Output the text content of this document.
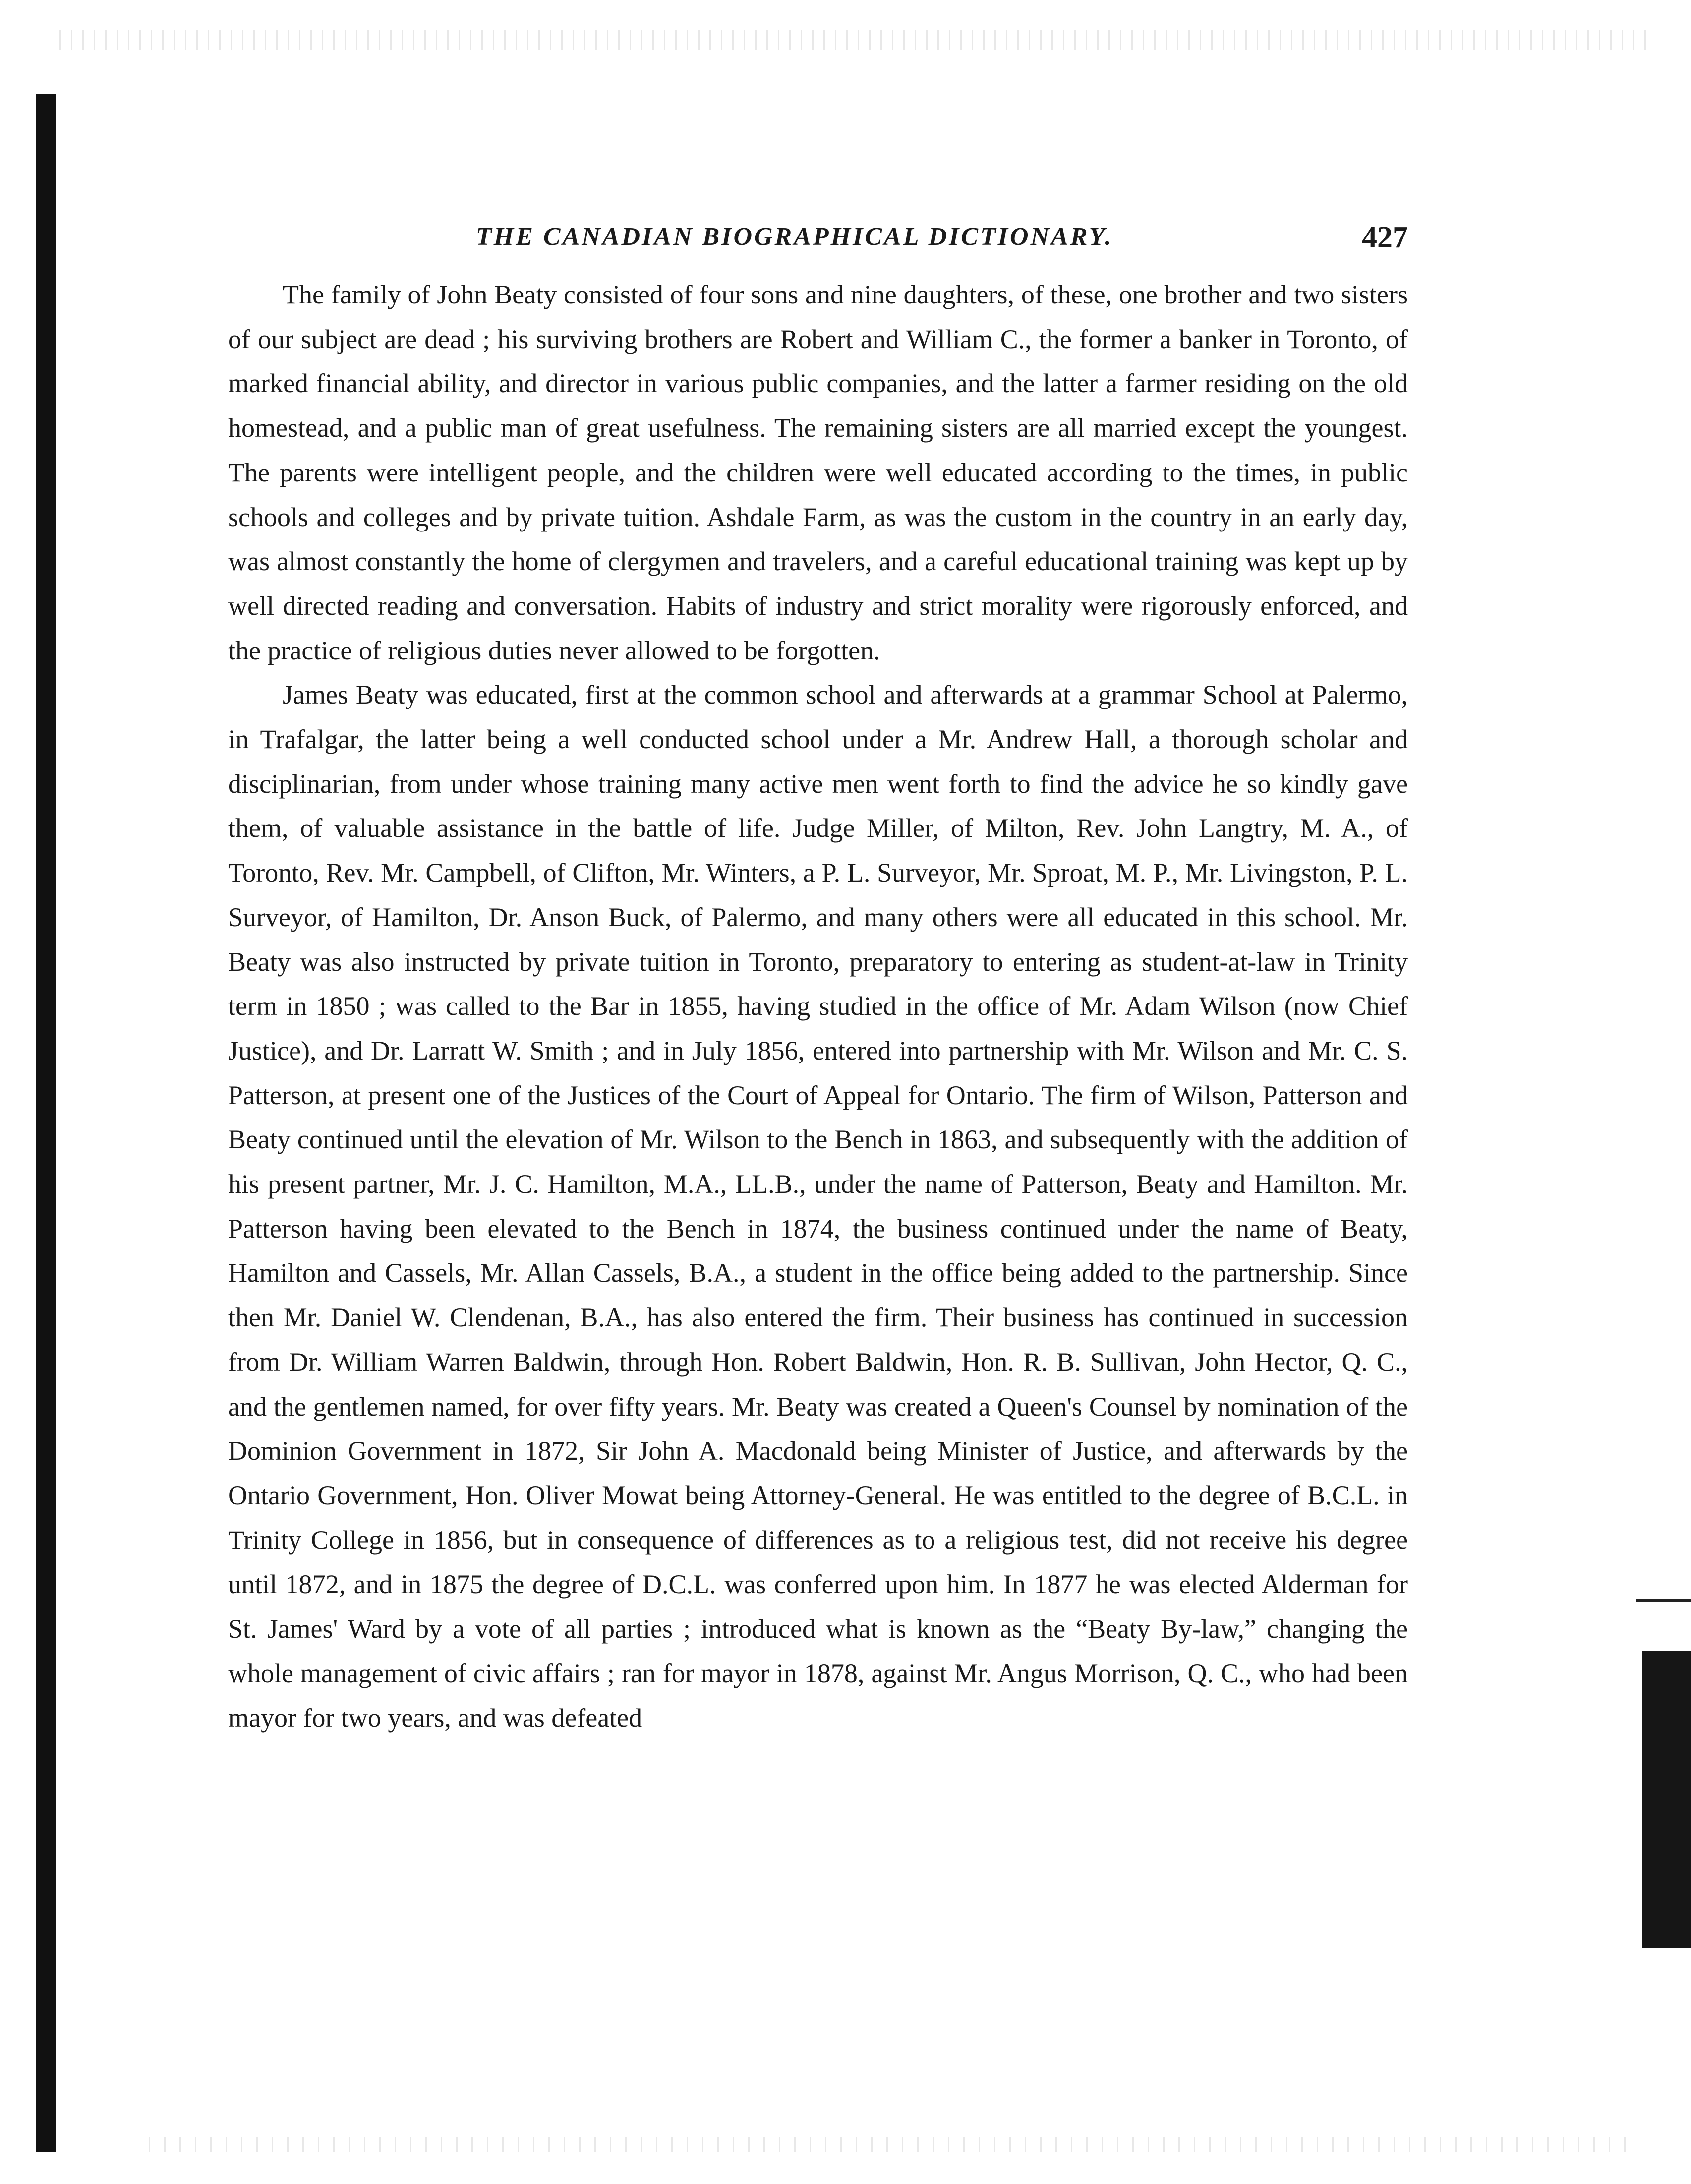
THE CANADIAN BIOGRAPHICAL DICTIONARY.	427

The family of John Beaty consisted of four sons and nine daughters, of these, one brother and two sisters of our subject are dead ; his surviving brothers are Robert and William C., the former a banker in Toronto, of marked financial ability, and director in various public companies, and the latter a farmer residing on the old homestead, and a public man of great usefulness. The remaining sisters are all married except the youngest. The parents were intelligent people, and the children were well educated according to the times, in public schools and colleges and by private tuition. Ashdale Farm, as was the custom in the country in an early day, was almost constantly the home of clergymen and travelers, and a careful educational training was kept up by well directed reading and conversation. Habits of industry and strict morality were rigorously enforced, and the practice of religious duties never allowed to be forgotten.

James Beaty was educated, first at the common school and afterwards at a grammar School at Palermo, in Trafalgar, the latter being a well conducted school under a Mr. Andrew Hall, a thorough scholar and disciplinarian, from under whose training many active men went forth to find the advice he so kindly gave them, of valuable assistance in the battle of life. Judge Miller, of Milton, Rev. John Langtry, M. A., of Toronto, Rev. Mr. Campbell, of Clifton, Mr. Winters, a P. L. Surveyor, Mr. Sproat, M. P., Mr. Livingston, P. L. Surveyor, of Hamilton, Dr. Anson Buck, of Palermo, and many others were all educated in this school. Mr. Beaty was also instructed by private tuition in Toronto, preparatory to entering as student-at-law in Trinity term in 1850 ; was called to the Bar in 1855, having studied in the office of Mr. Adam Wilson (now Chief Justice), and Dr. Larratt W. Smith ; and in July 1856, entered into partnership with Mr. Wilson and Mr. C. S. Patterson, at present one of the Justices of the Court of Appeal for Ontario. The firm of Wilson, Patterson and Beaty continued until the elevation of Mr. Wilson to the Bench in 1863, and subsequently with the addition of his present partner, Mr. J. C. Hamilton, M.A., LL.B., under the name of Patterson, Beaty and Hamilton. Mr. Patterson having been elevated to the Bench in 1874, the business continued under the name of Beaty, Hamilton and Cassels, Mr. Allan Cassels, B.A., a student in the office being added to the partnership. Since then Mr. Daniel W. Clendenan, B.A., has also entered the firm. Their business has continued in succession from Dr. William Warren Baldwin, through Hon. Robert Baldwin, Hon. R. B. Sullivan, John Hector, Q. C., and the gentlemen named, for over fifty years. Mr. Beaty was created a Queen's Counsel by nomination of the Dominion Government in 1872, Sir John A. Macdonald being Minister of Justice, and afterwards by the Ontario Government, Hon. Oliver Mowat being Attorney-General. He was entitled to the degree of B.C.L. in Trinity College in 1856, but in consequence of differences as to a religious test, did not receive his degree until 1872, and in 1875 the degree of D.C.L. was conferred upon him. In 1877 he was elected Alderman for St. James' Ward by a vote of all parties ; introduced what is known as the “Beaty By-law,” changing the whole management of civic affairs ; ran for mayor in 1878, against Mr. Angus Morrison, Q. C., who had been mayor for two years, and was defeated
